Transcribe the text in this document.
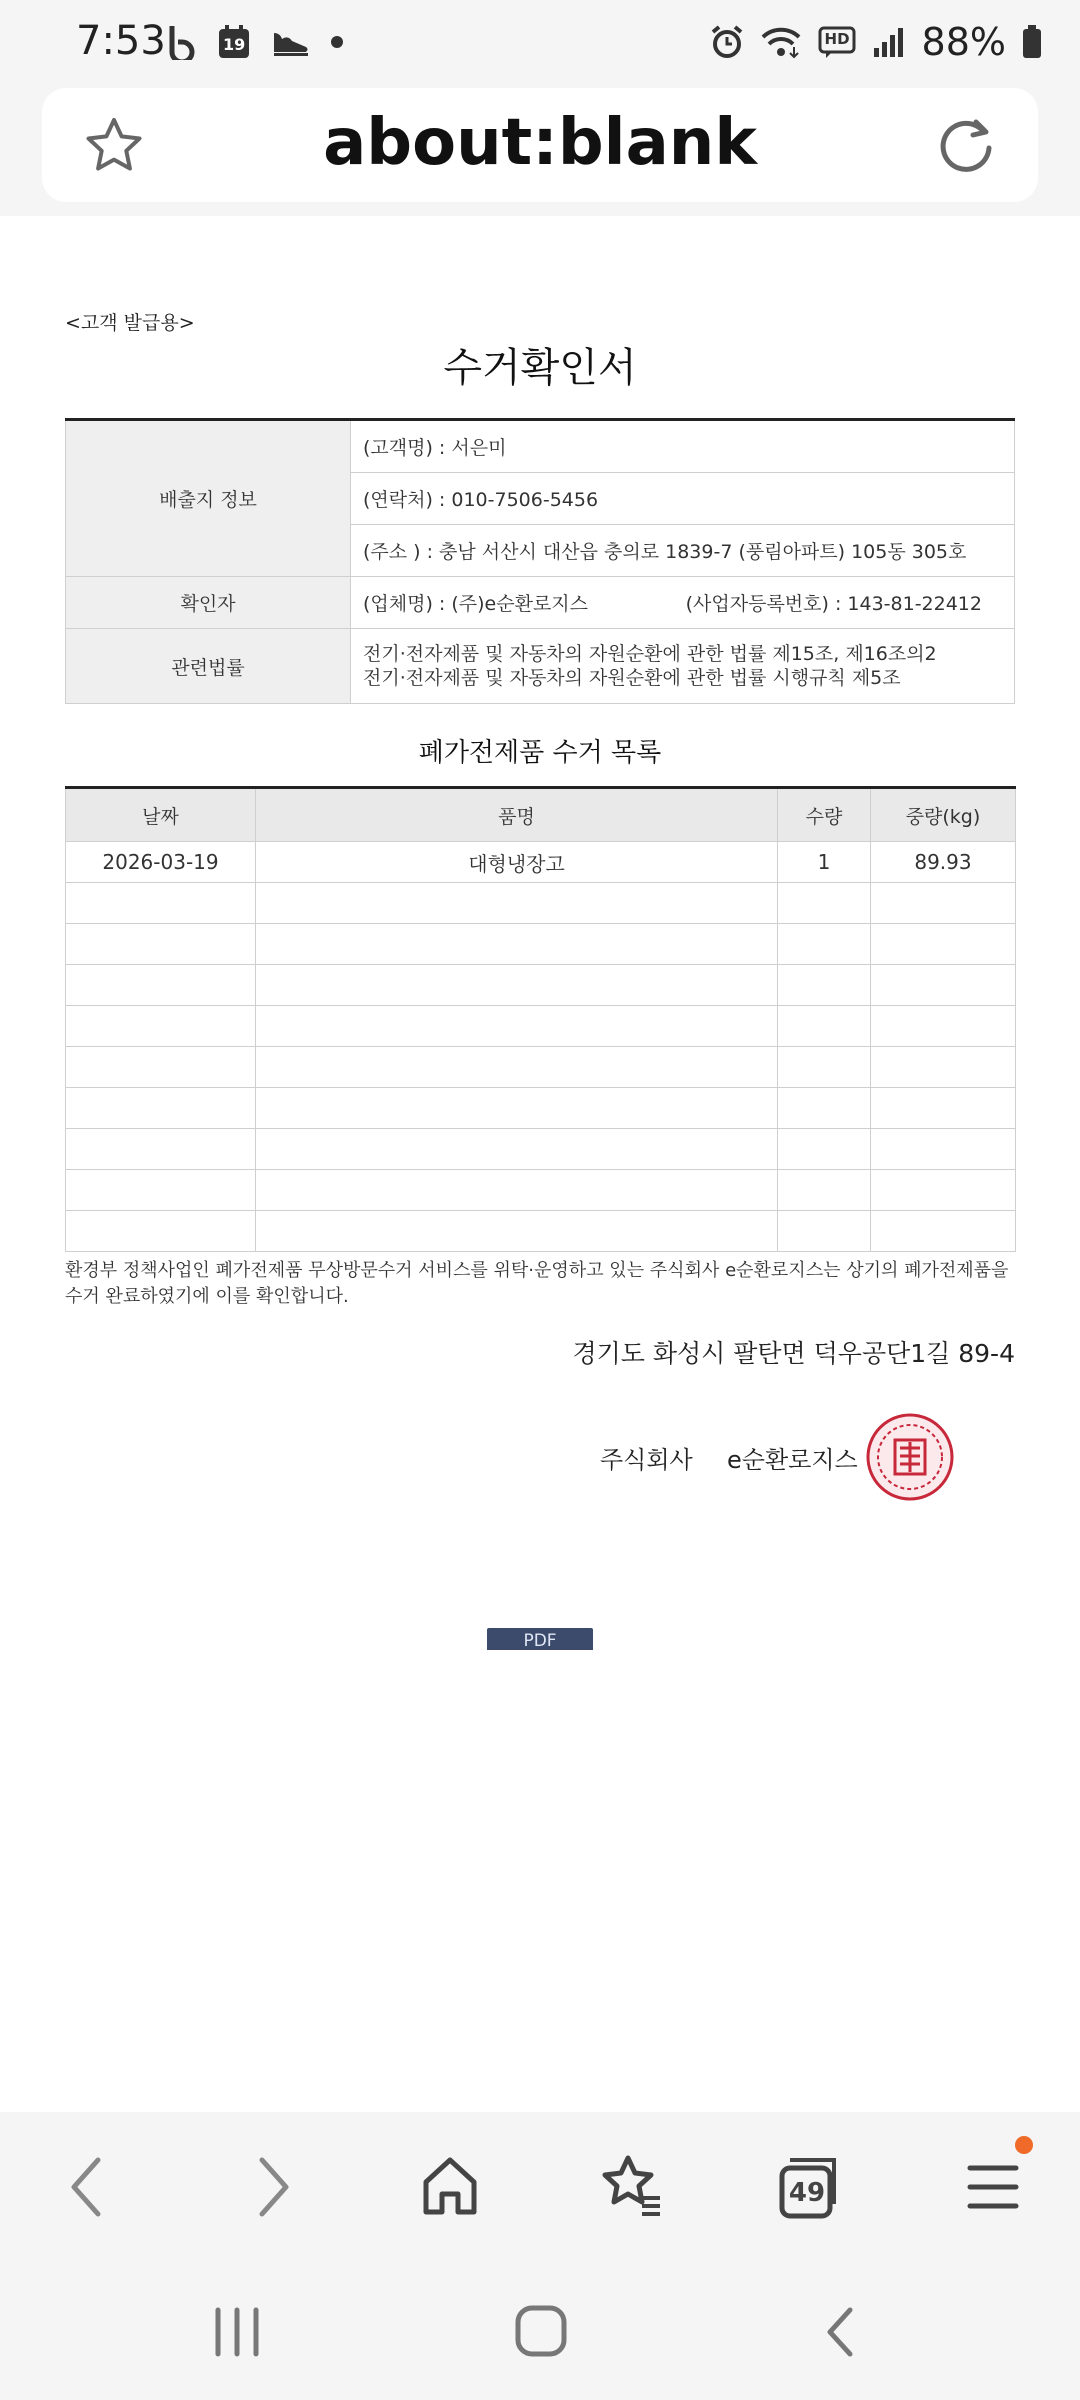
7:53	19	HD 88%
about:blank
<고객 발급용>
수거확인서
배출지 정보	(고객명) : 서은미
	(연락처) : 010-7506-5456
	(주소 ) : 충남 서산시 대산읍 충의로 1839-7 (풍림아파트) 105동 305호
확인자	(업체명) : (주)e순환로지스 (사업자등록번호) : 143-81-22412

관련법률	전기·전자제품 및 자동차의 자원순환에 관한 법률 제15조, 제16조의2
전기·전자제품 및 자동차의 자원순환에 관한 법률 시행규칙 제5조
폐가전제품 수거 목록
날짜	품명	수량	중량(kg)
2026-03-19	대형냉장고	1	89.93

환경부 정책사업인 폐가전제품 무상방문수거 서비스를 위탁·운영하고 있는 주식회사 e순환로지스는 상기의 폐가전제품을 수거 완료하였기에 이를 확인합니다.
경기도 화성시 팔탄면 덕우공단1길 89-4
주식회사 e순환로지스
PDF
49
